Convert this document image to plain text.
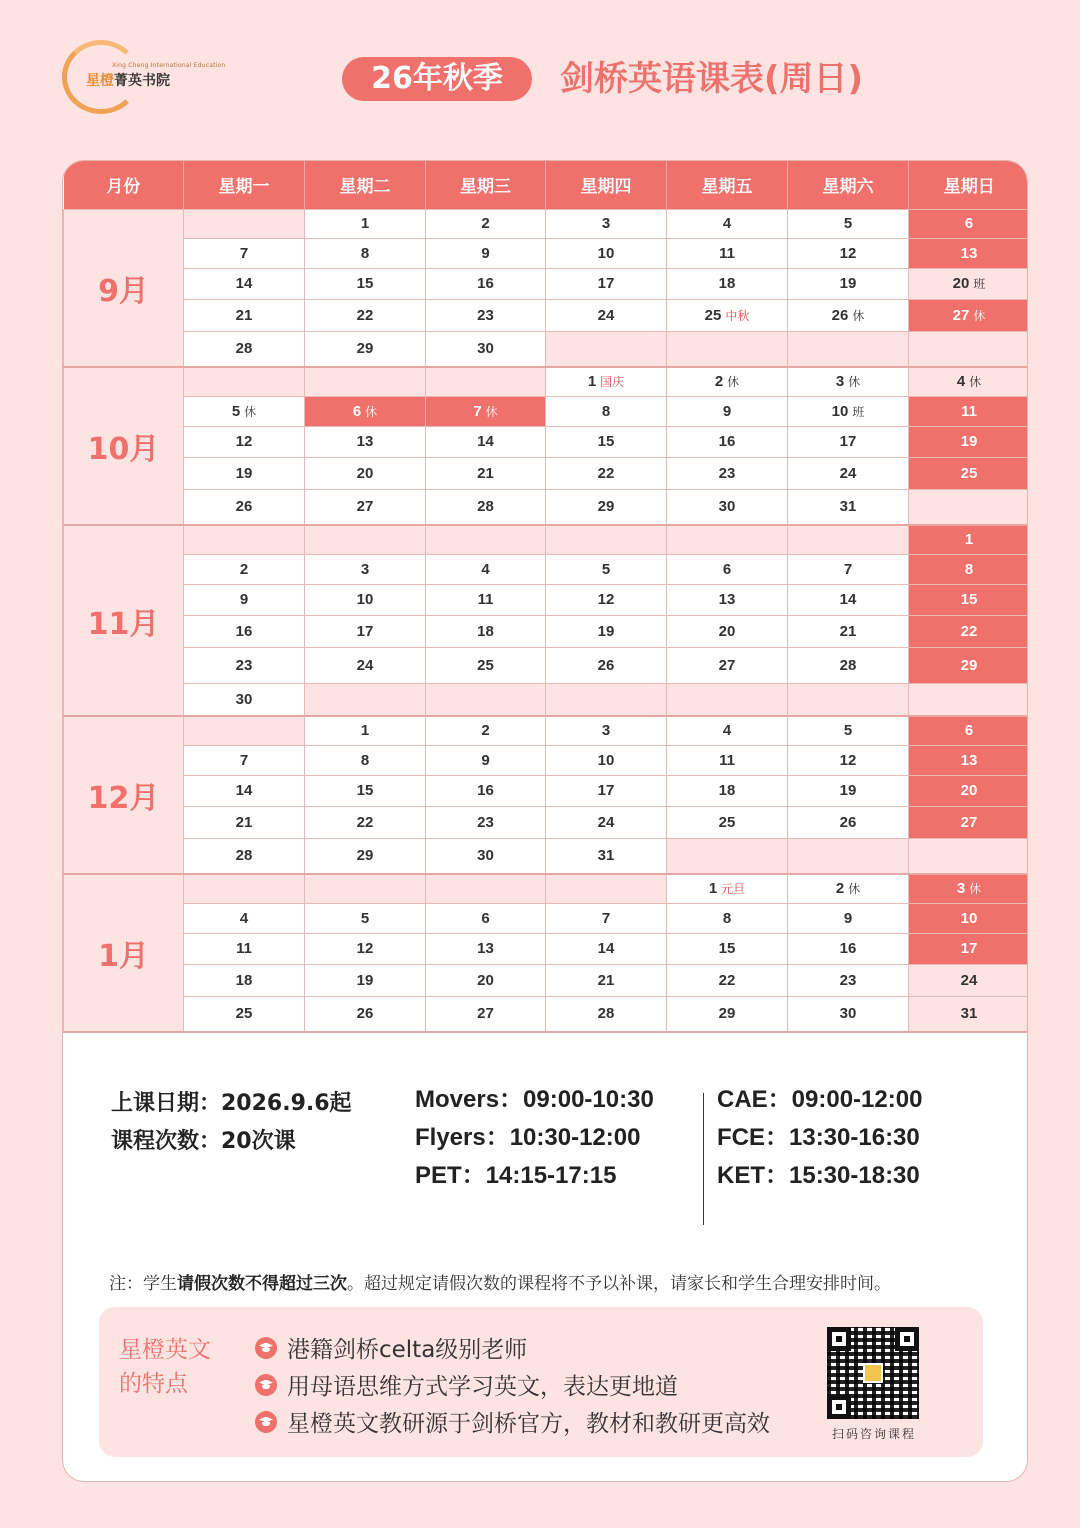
Xing Cheng International Education
星橙菁英书院	26年秋季	剑桥英语课表(周日)
月份	星期一	星期二	星期三	星期四	星期五	星期六	星期日
9月		1	2	3	4	5	6
	7	8	9	10	11	12	13
	14	15	16	17	18	19	20 班
	21	22	23	24	25 中秋	26 休	27 休
	28	29	30				
10月				1 国庆	2 休	3 休	4 休
	5 休	6 休	7 休	8	9	10 班	11
	12	13	14	15	16	17	19
	19	20	21	22	23	24	25
	26	27	28	29	30	31	
11月							1
	2	3	4	5	6	7	8
	9	10	11	12	13	14	15
	16	17	18	19	20	21	22
	23	24	25	26	27	28	29
	30						
12月		1	2	3	4	5	6
	7	8	9	10	11	12	13
	14	15	16	17	18	19	20
	21	22	23	24	25	26	27
	28	29	30	31			
1月					1 元旦	2 休	3 休
	4	5	6	7	8	9	10
	11	12	13	14	15	16	17
	18	19	20	21	22	23	24
	25	26	27	28	29	30	31
上课日期：2026.9.6起
课程次数：20次课
Movers：09:00-10:30
Flyers：10:30-12:00
PET：14:15-17:15
CAE：09:00-12:00
FCE：13:30-16:30
KET：15:30-18:30
注：学生请假次数不得超过三次。超过规定请假次数的课程将不予以补课，请家长和学生合理安排时间。
星橙英文的特点
港籍剑桥celta级别老师
用母语思维方式学习英文，表达更地道
星橙英文教研源于剑桥官方，教材和教研更高效	扫码咨询课程
